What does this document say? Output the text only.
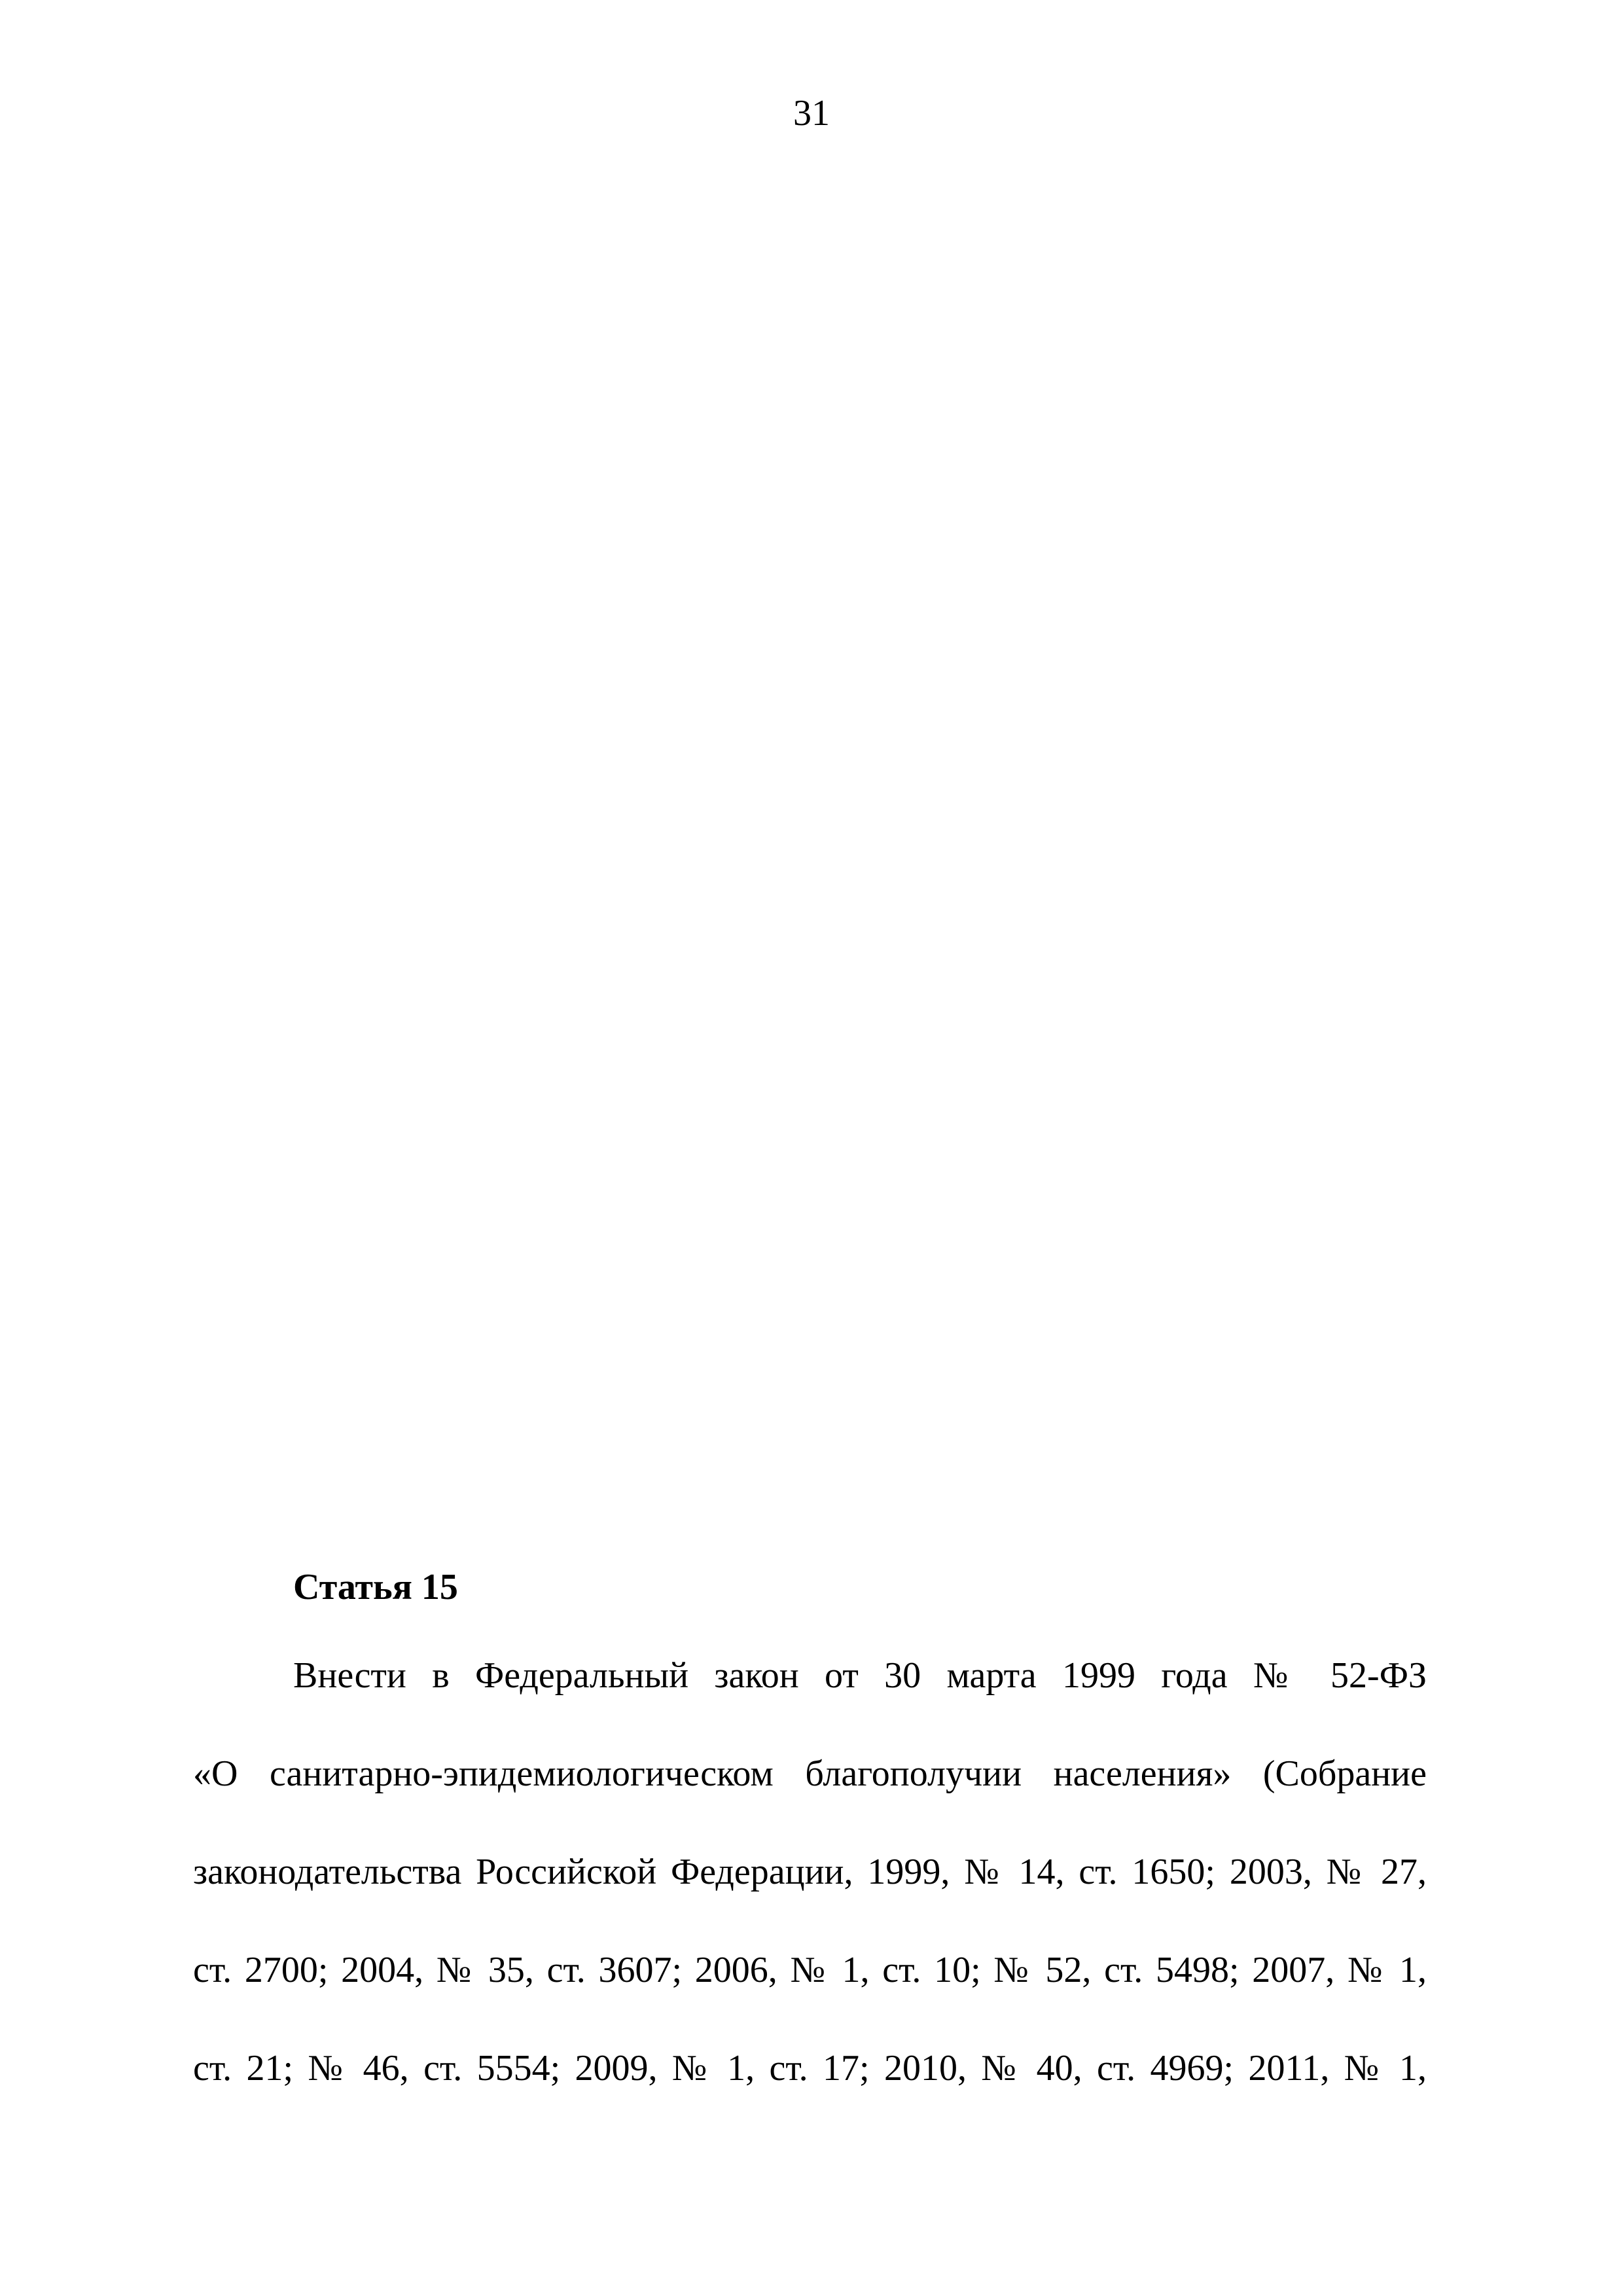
31
Статья 15
Внести в Федеральный закон от 30 марта 1999 года № 52-ФЗ
«О санитарно-эпидемиологическом благополучии населения» (Собрание
законодательства Российской Федерации, 1999, № 14, ст. 1650; 2003, № 27,
ст. 2700; 2004, № 35, ст. 3607; 2006, № 1, ст. 10; № 52, ст. 5498; 2007, № 1,
ст. 21; № 46, ст. 5554; 2009, № 1, ст. 17; 2010, № 40, ст. 4969; 2011, № 1,
